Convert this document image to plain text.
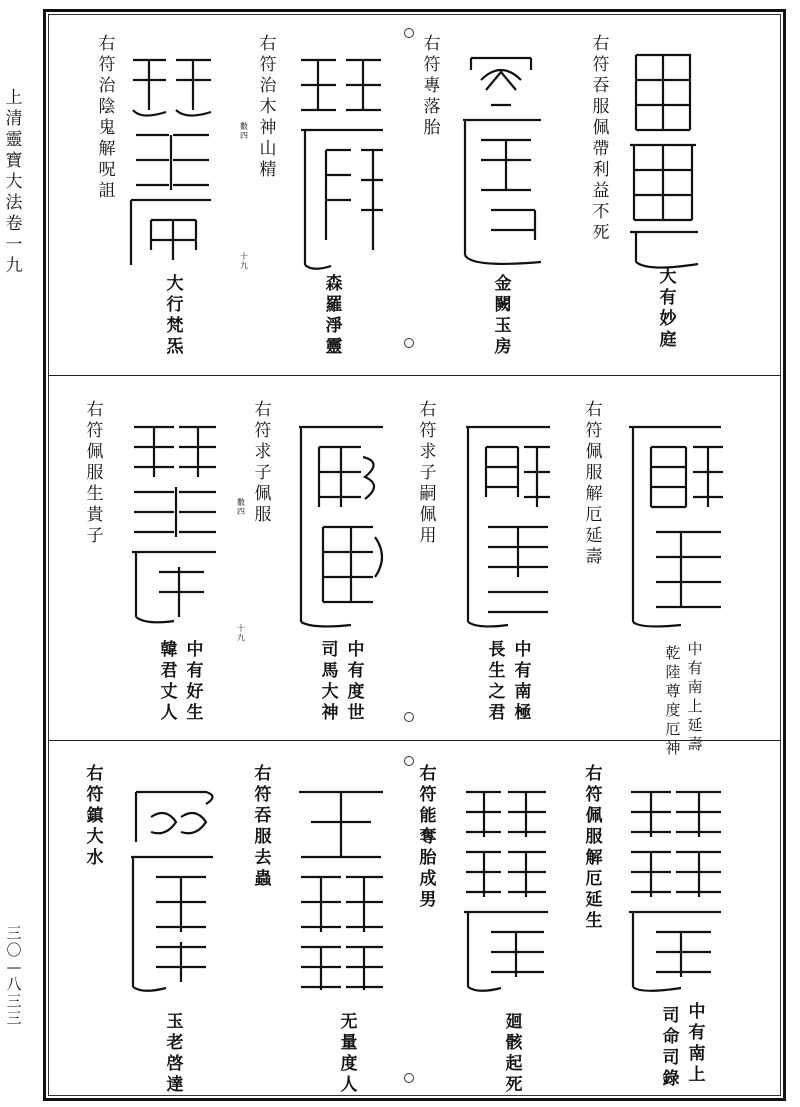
上清靈寶大法 卷一九
三〇—八三三
右符吞服佩帶利益不死
大有妙庭
右符專落胎
金闕玉房
右符治木神山精
數四
十九
森羅淨靈
右符治陰鬼解呪詛
大行梵炁
右符佩服解厄延壽
中有南上延壽
乾陸尊度厄神
右符求子嗣佩用
中有南極
長生之君
右符求子佩服
數四
十九
中有度世
司馬大神
右符佩服生貴子
中有好生
韓君丈人
右符佩服解厄延生
中有南上
司命司錄
右符能奪胎成男
廻骸起死
右符吞服去蟲
无量度人
右符鎮大水
玉老啓達
